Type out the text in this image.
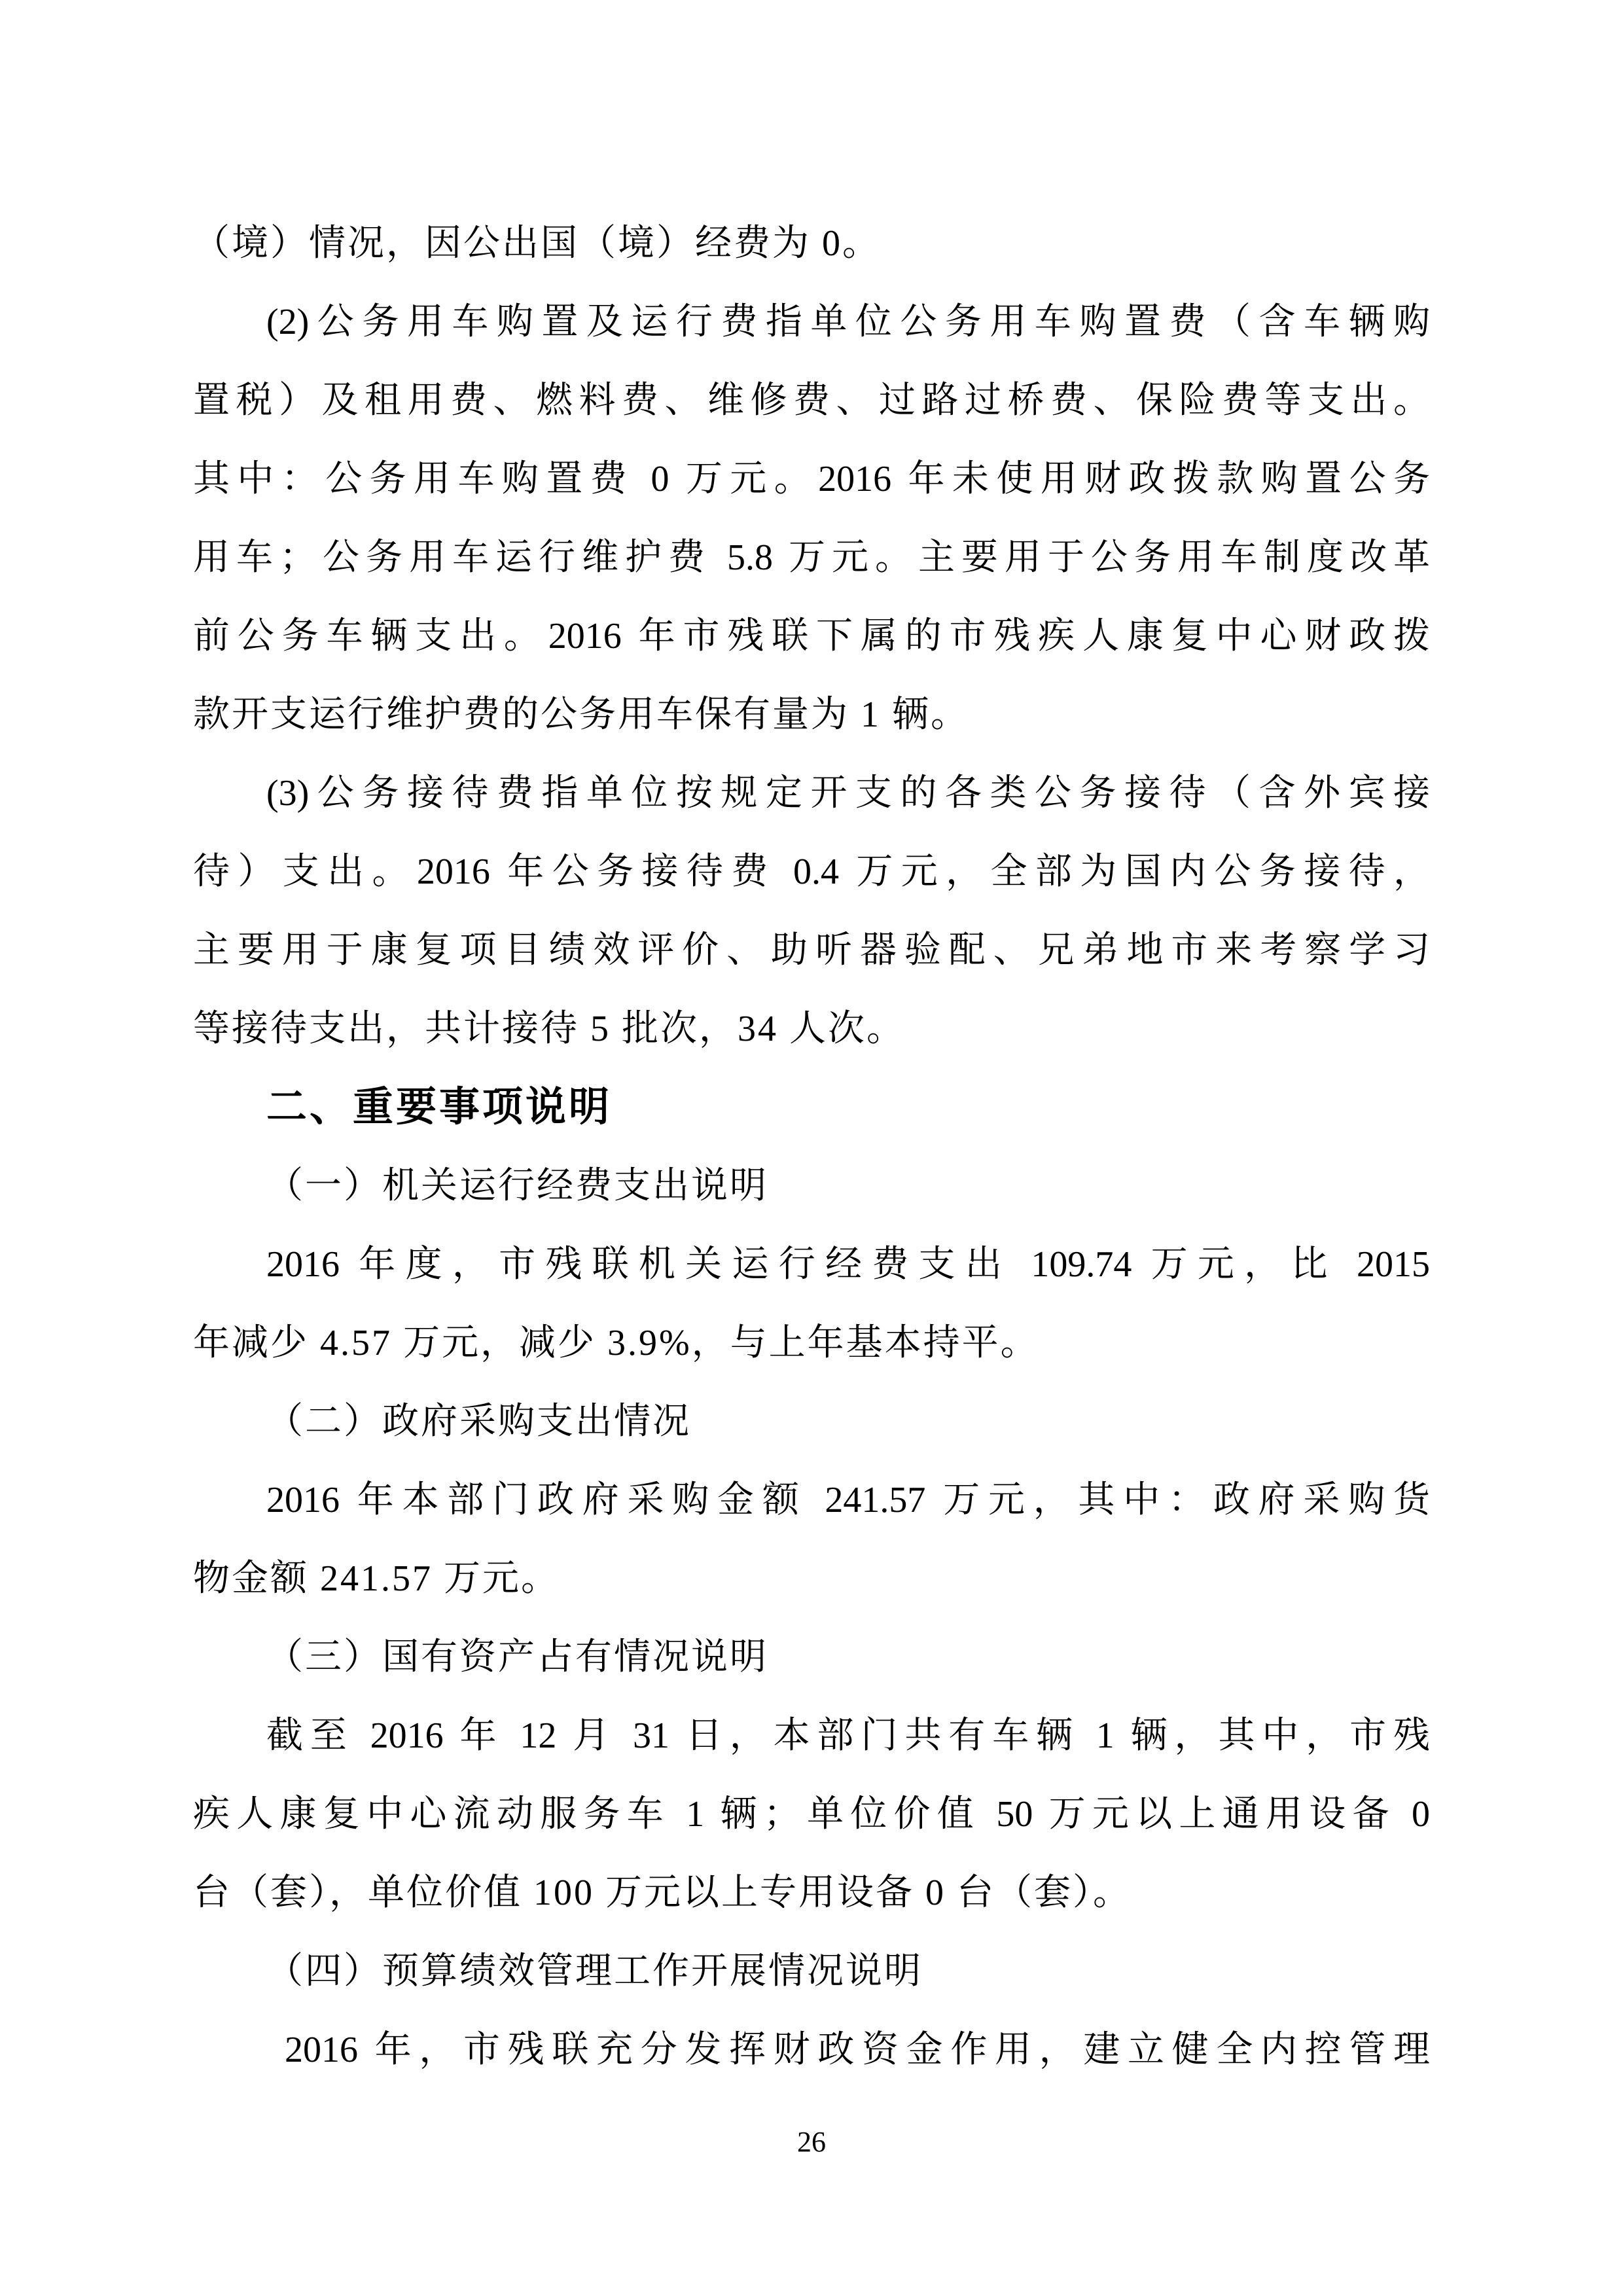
（境）情况，因公出国（境）经费为 0。
(2)公务用车购置及运行费指单位公务用车购置费（含车辆购
置税）及租用费、燃料费、维修费、过路过桥费、保险费等支出。
其中：公务用车购置费 0 万元。2016 年未使用财政拨款购置公务
用车；公务用车运行维护费 5.8 万元。主要用于公务用车制度改革
前公务车辆支出。2016 年市残联下属的市残疾人康复中心财政拨
款开支运行维护费的公务用车保有量为 1 辆。
(3)公务接待费指单位按规定开支的各类公务接待（含外宾接
待）支出。2016 年公务接待费 0.4 万元，全部为国内公务接待，
主要用于康复项目绩效评价、助听器验配、兄弟地市来考察学习
等接待支出，共计接待 5 批次，34 人次。
二、重要事项说明
（一）机关运行经费支出说明
2016 年度，市残联机关运行经费支出 109.74 万元，比 2015
年减少 4.57 万元，减少 3.9%，与上年基本持平。
（二）政府采购支出情况
2016 年本部门政府采购金额 241.57 万元，其中：政府采购货
物金额 241.57 万元。
（三）国有资产占有情况说明
截至 2016 年 12 月 31 日，本部门共有车辆 1 辆，其中，市残
疾人康复中心流动服务车 1 辆；单位价值 50 万元以上通用设备 0
台（套），单位价值 100 万元以上专用设备 0 台（套）。
（四）预算绩效管理工作开展情况说明
2016 年，市残联充分发挥财政资金作用，建立健全内控管理
26
